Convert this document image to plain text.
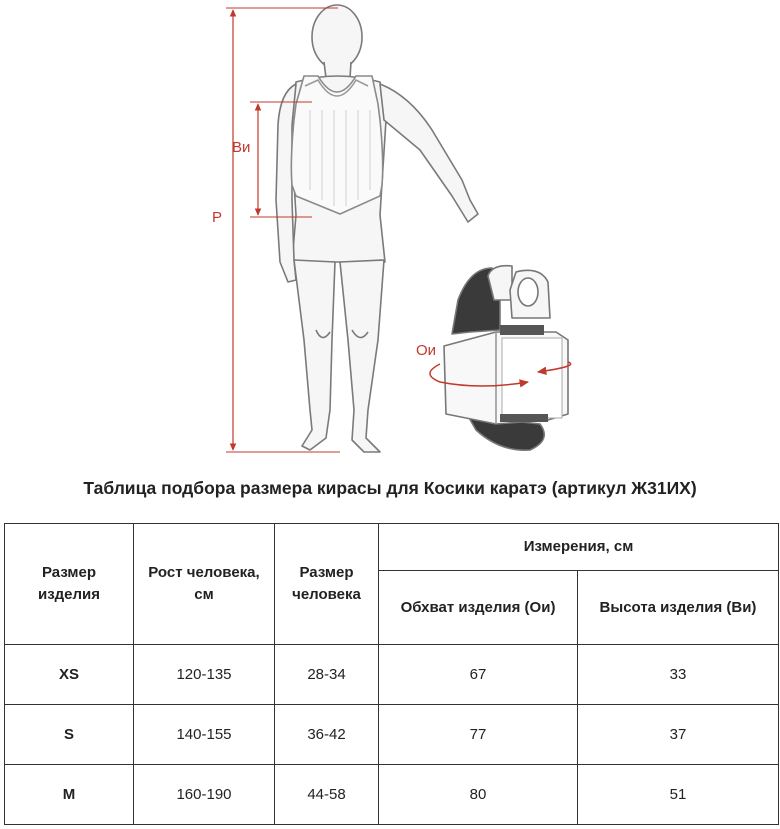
P
Ви
Ои
Таблица подбора размера кирасы для Косики каратэ (артикул Ж31ИХ)
Размер изделия	Рост человека, см	Размер человека	Измерения, см	
			Обхват изделия (Ои)	Высота изделия (Ви)
XS	120-135	28-34	67	33
S	140-155	36-42	77	37
M	160-190	44-58	80	51
